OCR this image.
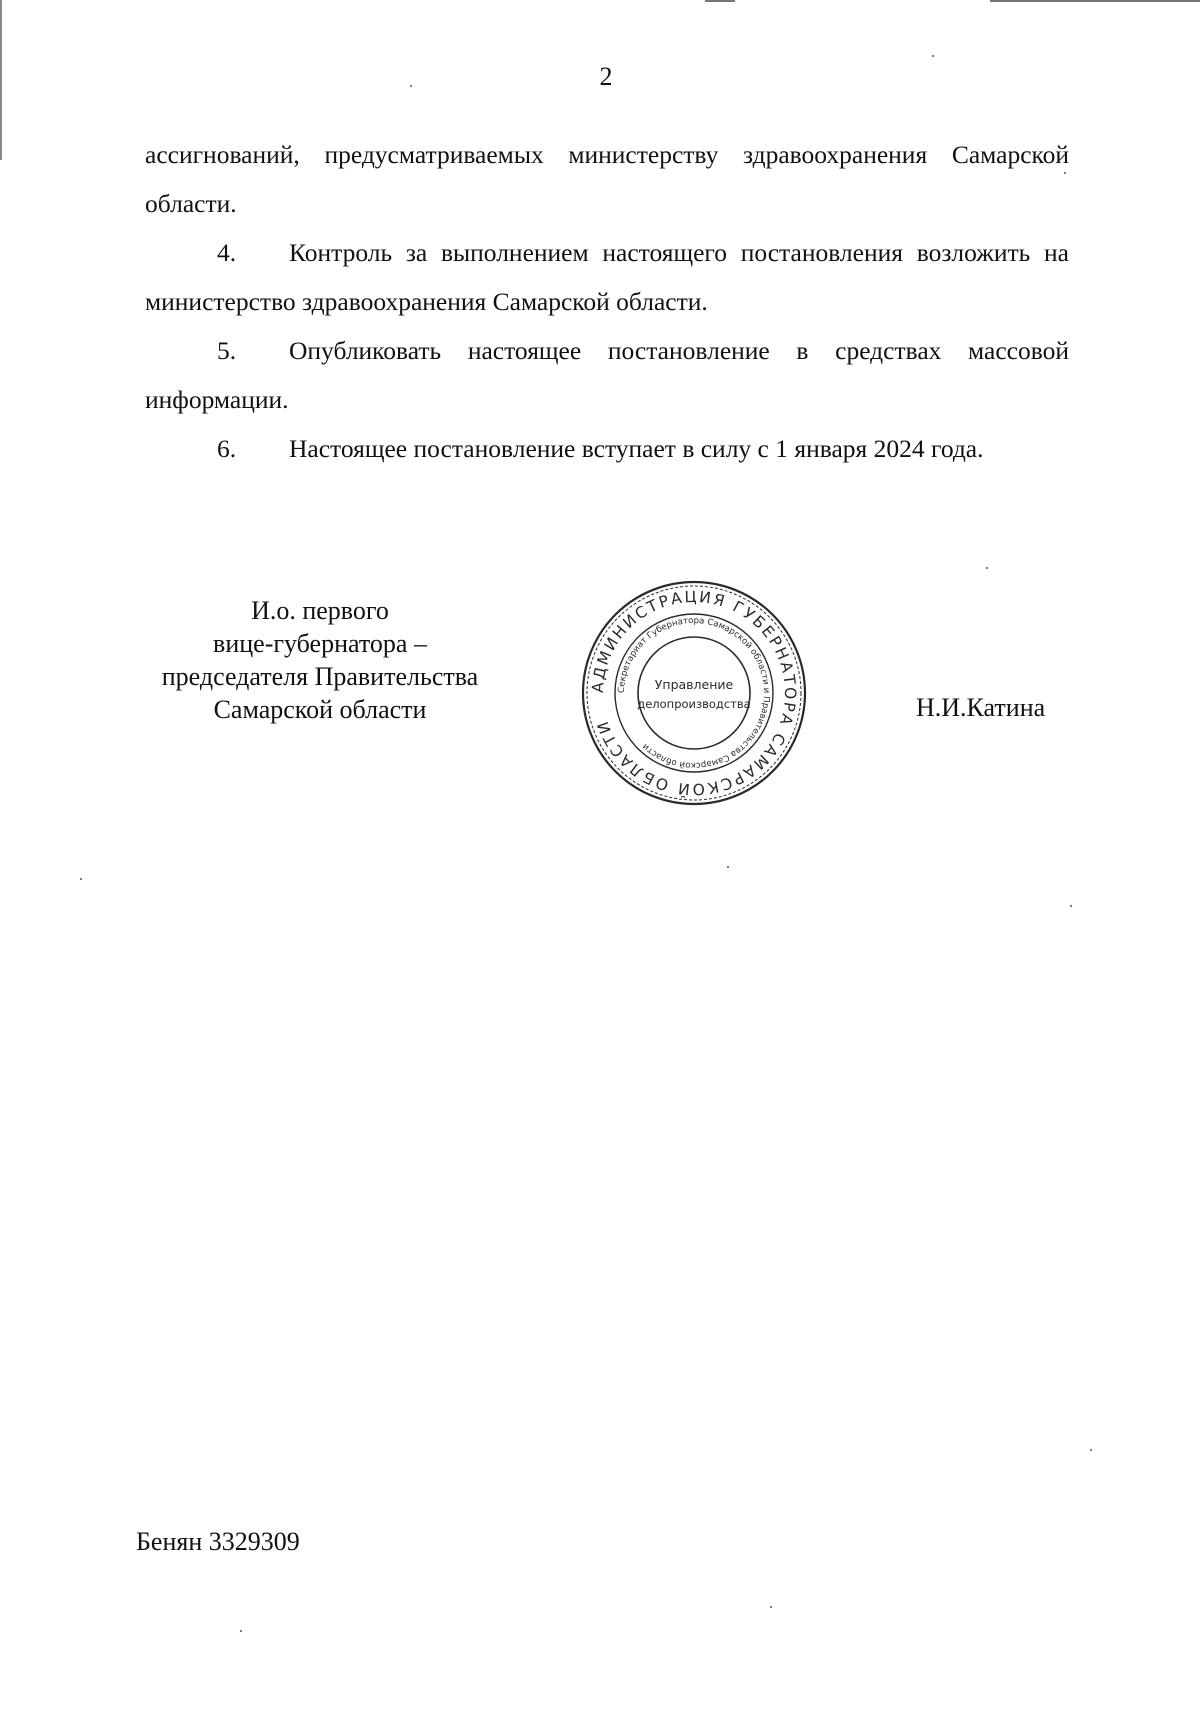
2

ассигнований, предусматриваемых министерству здравоохранения Самарской области.

4. Контроль за выполнением настоящего постановления возложить на министерство здравоохранения Самарской области.

5. Опубликовать настоящее постановление в средствах массовой информации.

6. Настоящее постановление вступает в силу с 1 января 2024 года.

И.о. первого
вице-губернатора –
председателя Правительства
Самарской области
АДМИНИСТРАЦИЯ ГУБЕРНАТОРА САМАРСКОЙ ОБЛАСТИ
Секретариат Губернатора Самарской области и Правительства Самарской области
Управление
делопроизводства	Н.И.Катина
Бенян 3329309
